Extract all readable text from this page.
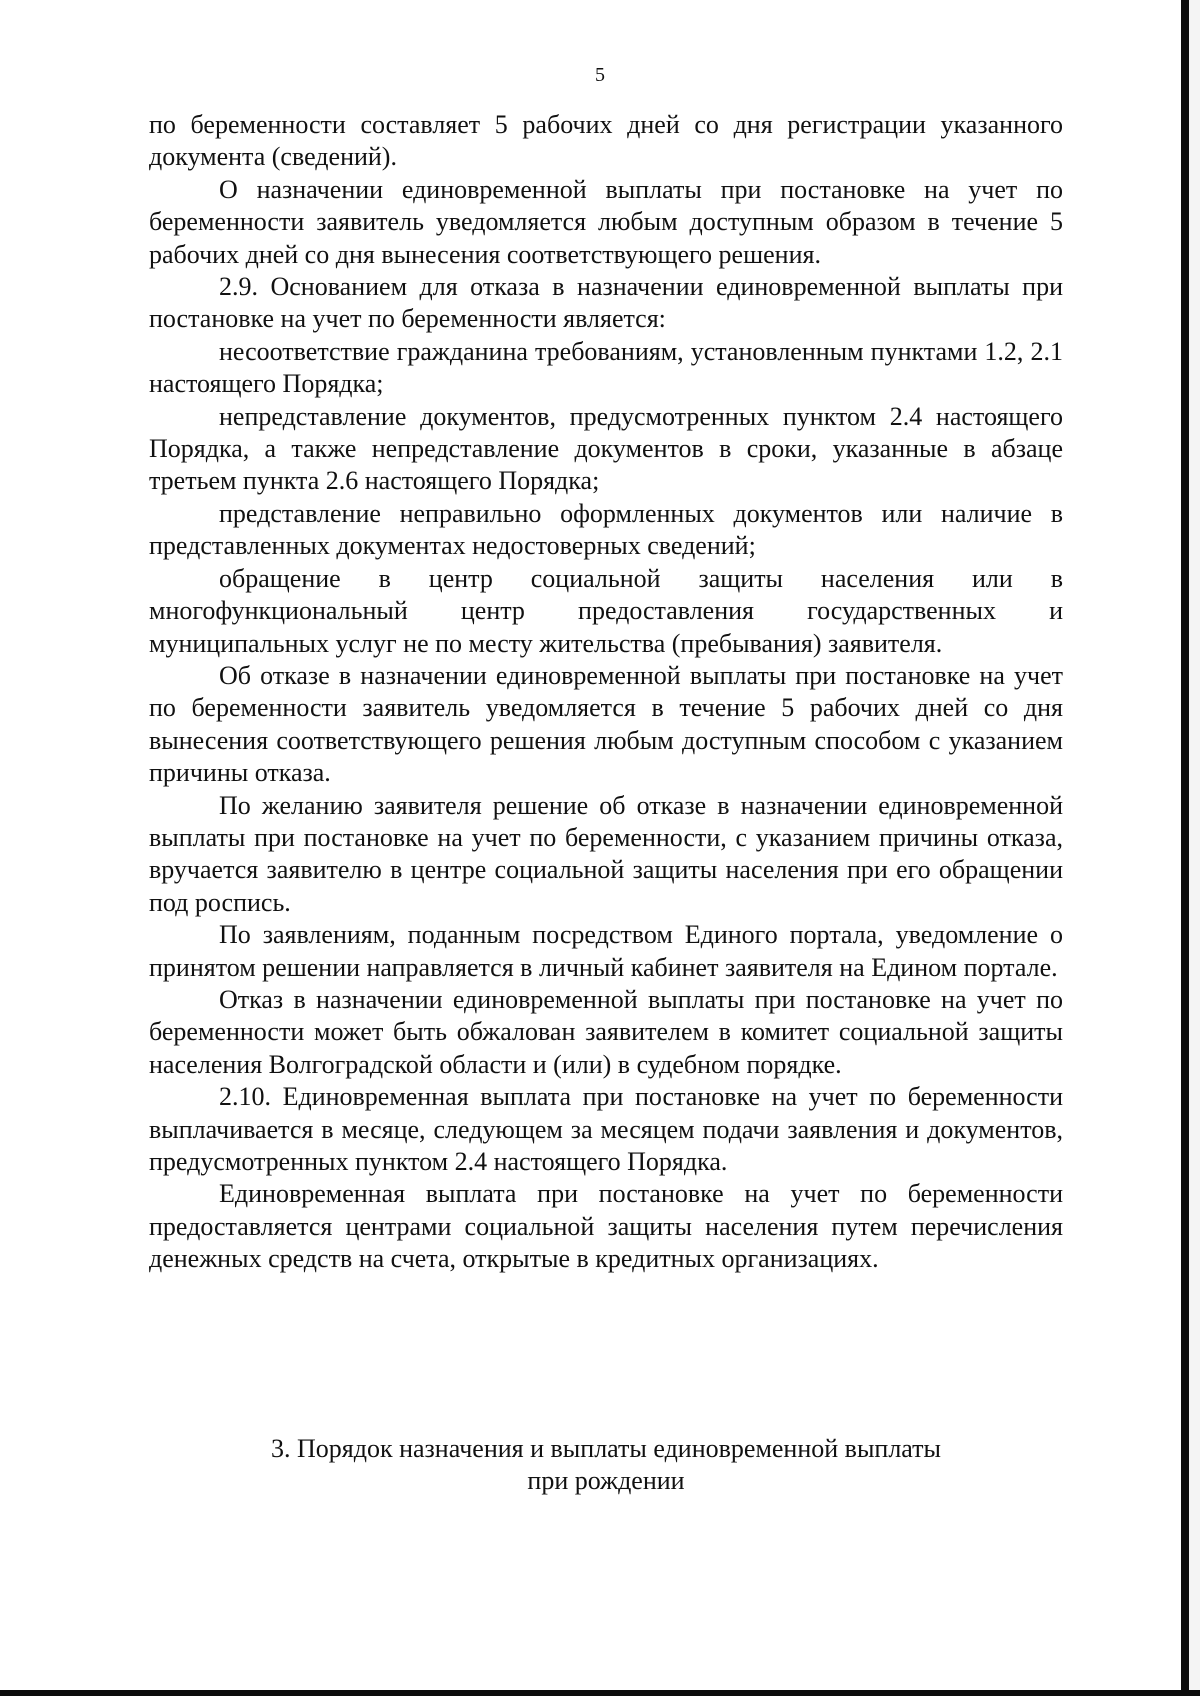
5

по беременности составляет 5 рабочих дней со дня регистрации указанного документа (сведений).

О назначении единовременной выплаты при постановке на учет по беременности заявитель уведомляется любым доступным образом в течение 5 рабочих дней со дня вынесения соответствующего решения.

2.9. Основанием для отказа в назначении единовременной выплаты при постановке на учет по беременности является:

несоответствие гражданина требованиям, установленным пунктами 1.2, 2.1 настоящего Порядка;

непредставление документов, предусмотренных пунктом 2.4 настоящего Порядка, а также непредставление документов в сроки, указанные в абзаце третьем пункта 2.6 настоящего Порядка;

представление неправильно оформленных документов или наличие в представленных документах недостоверных сведений;

обращение в центр социальной защиты населения или в многофункциональный центр предоставления государственных и муниципальных услуг не по месту жительства (пребывания) заявителя.

Об отказе в назначении единовременной выплаты при постановке на учет по беременности заявитель уведомляется в течение 5 рабочих дней со дня вынесения соответствующего решения любым доступным способом с указанием причины отказа.

По желанию заявителя решение об отказе в назначении единовременной выплаты при постановке на учет по беременности, с указанием причины отказа, вручается заявителю в центре социальной защиты населения при его обращении под роспись.

По заявлениям, поданным посредством Единого портала, уведомление о принятом решении направляется в личный кабинет заявителя на Едином портале.

Отказ в назначении единовременной выплаты при постановке на учет по беременности может быть обжалован заявителем в комитет социальной защиты населения Волгоградской области и (или) в судебном порядке.

2.10. Единовременная выплата при постановке на учет по беременности выплачивается в месяце, следующем за месяцем подачи заявления и документов, предусмотренных пунктом 2.4 настоящего Порядка.

Единовременная выплата при постановке на учет по беременности предоставляется центрами социальной защиты населения путем перечисления денежных средств на счета, открытые в кредитных организациях.

3. Порядок назначения и выплаты единовременной выплаты
при рождении
